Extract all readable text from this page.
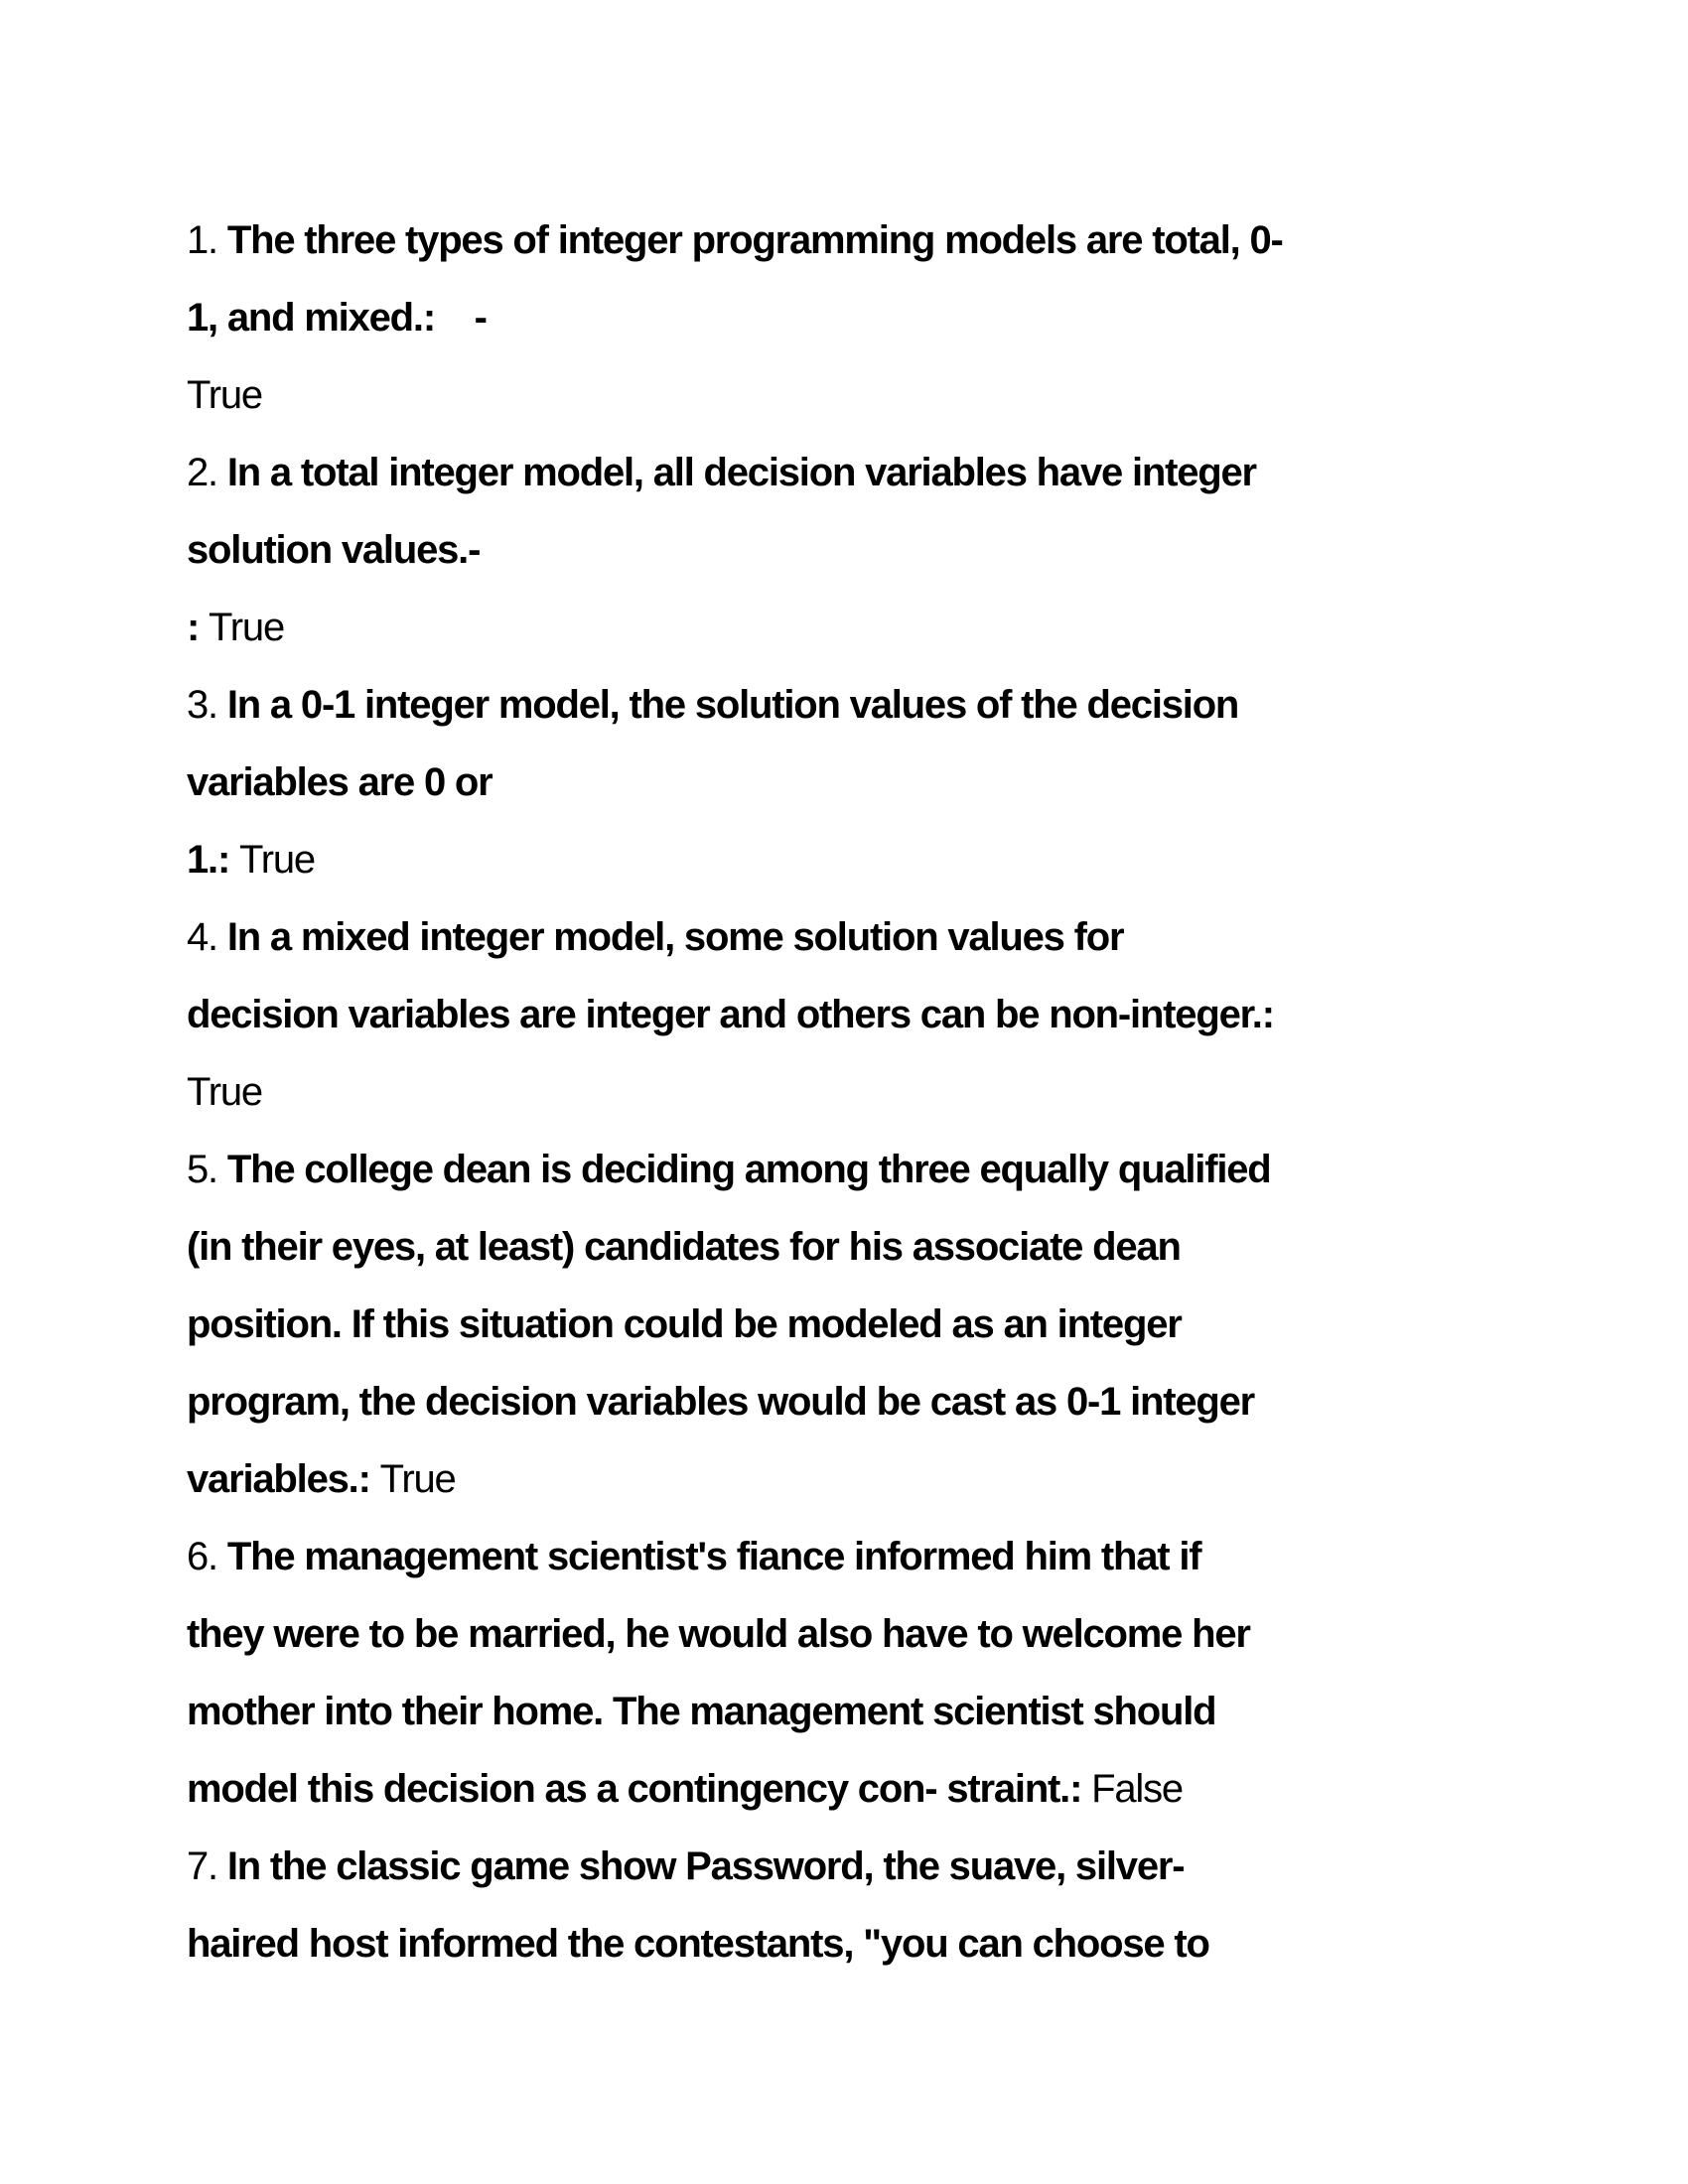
1. The three types of integer programming models are total, 0-
1, and mixed.:    -
True
2. In a total integer model, all decision variables have integer
solution values.-
: True
3. In a 0-1 integer model, the solution values of the decision
variables are 0 or
1.: True
4. In a mixed integer model, some solution values for
decision variables are integer and others can be non-integer.:
True
5. The college dean is deciding among three equally qualified
(in their eyes, at least) candidates for his associate dean
position. If this situation could be modeled as an integer
program, the decision variables would be cast as 0-1 integer
variables.: True
6. The management scientist's fiance informed him that if
they were to be married, he would also have to welcome her
mother into their home. The management scientist should
model this decision as a contingency con- straint.: False
7. In the classic game show Password, the suave, silver-
haired host informed the contestants, "you can choose to
